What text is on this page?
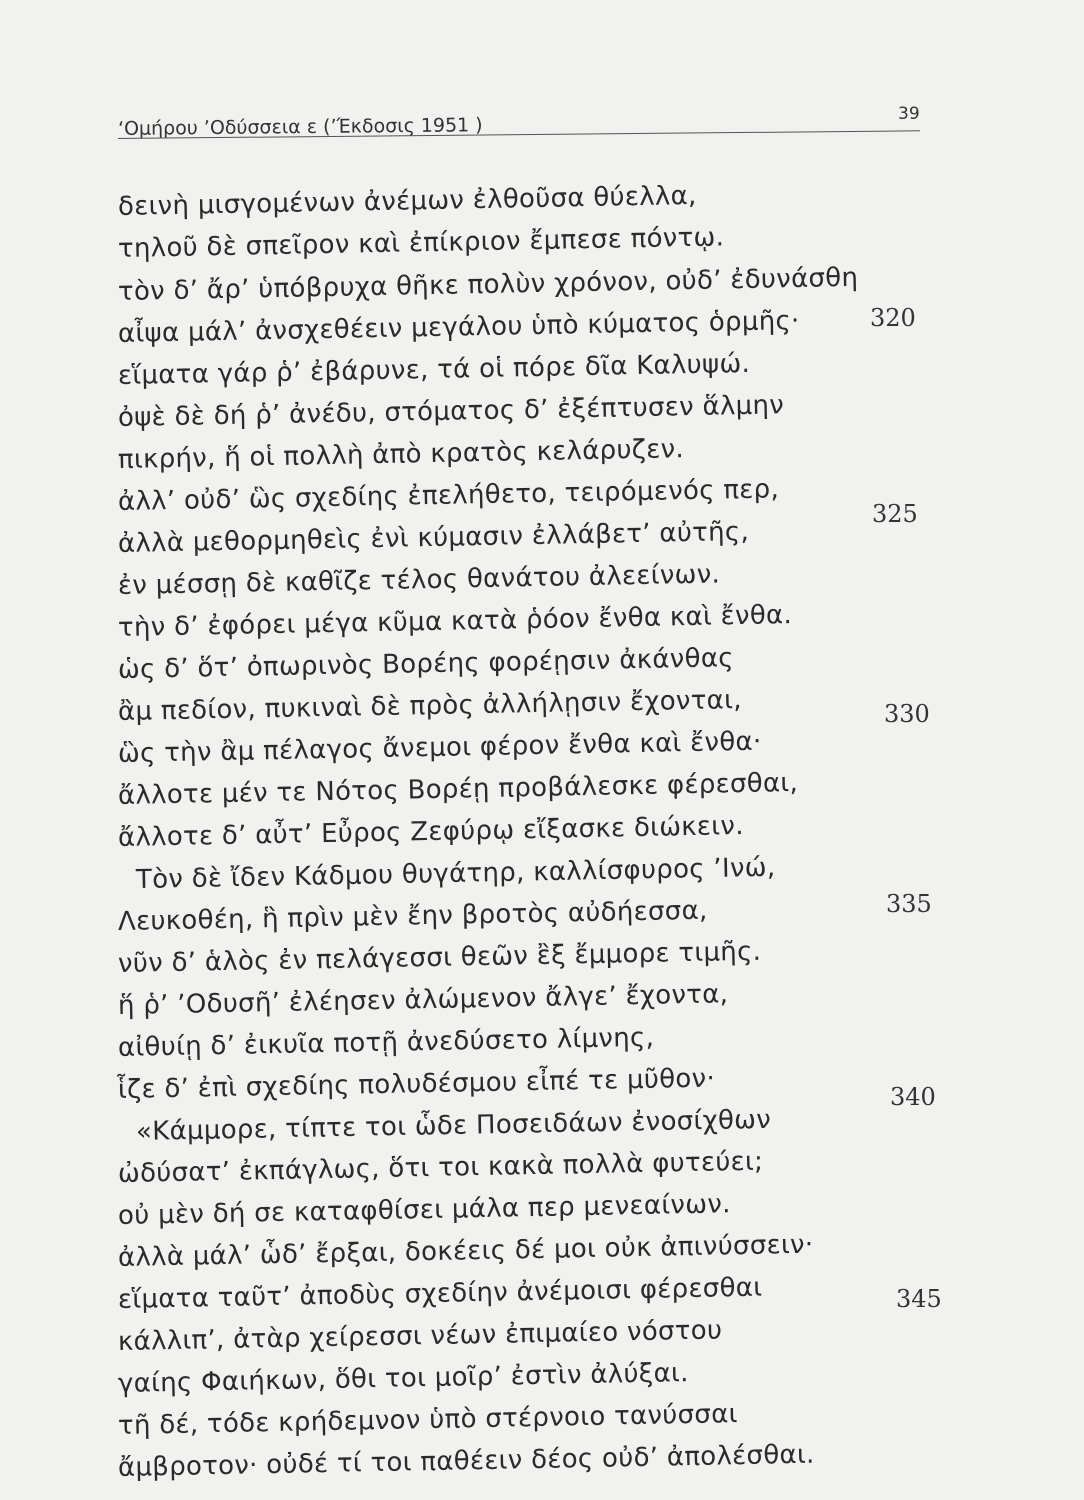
‘Ομήρου ’Οδύσσεια ε (’Έκδοσις 1951 )
39
δεινὴ μισγομένων ἀνέμων ἐλθοῦσα θύελλα,
τηλοῦ δὲ σπεῖρον καὶ ἐπίκριον ἔμπεσε πόντῳ.
τὸν δ’ ἄρ’ ὑπόβρυχα θῆκε πολὺν χρόνον, οὐδ’ ἐδυνάσθη
αἶψα μάλ’ ἀνσχεθέειν μεγάλου ὑπὸ κύματος ὁρμῆς·
εἵματα γάρ ῥ’ ἐβάρυνε, τά οἱ πόρε δῖα Καλυψώ.
ὀψὲ δὲ δή ῥ’ ἀνέδυ, στόματος δ’ ἐξέπτυσεν ἅλμην
πικρήν, ἥ οἱ πολλὴ ἀπὸ κρατὸς κελάρυζεν.
ἀλλ’ οὐδ’ ὣς σχεδίης ἐπελήθετο, τειρόμενός περ,
ἀλλὰ μεθορμηθεὶς ἐνὶ κύμασιν ἐλλάβετ’ αὐτῆς,
ἐν μέσσῃ δὲ καθῖζε τέλος θανάτου ἀλεείνων.
τὴν δ’ ἐφόρει μέγα κῦμα κατὰ ῥόον ἔνθα καὶ ἔνθα.
ὡς δ’ ὅτ’ ὀπωρινὸς Βορέης φορέῃσιν ἀκάνθας
ἂμ πεδίον, πυκιναὶ δὲ πρὸς ἀλλήλῃσιν ἔχονται,
ὣς τὴν ἂμ πέλαγος ἄνεμοι φέρον ἔνθα καὶ ἔνθα·
ἄλλοτε μέν τε Νότος Βορέῃ προβάλεσκε φέρεσθαι,
ἄλλοτε δ’ αὖτ’ Εὖρος Ζεφύρῳ εἴξασκε διώκειν.
Τὸν δὲ ἴδεν Κάδμου θυγάτηρ, καλλίσφυρος ’Ινώ,
Λευκοθέη, ἣ πρὶν μὲν ἔην βροτὸς αὐδήεσσα,
νῦν δ’ ἁλὸς ἐν πελάγεσσι θεῶν ἒξ ἔμμορε τιμῆς.
ἥ ῥ’ ’Οδυσῆ’ ἐλέησεν ἀλώμενον ἄλγε’ ἔχοντα,
αἰθυίῃ δ’ ἐικυῖα ποτῇ ἀνεδύσετο λίμνης,
ἷζε δ’ ἐπὶ σχεδίης πολυδέσμου εἶπέ τε μῦθον·
«Κάμμορε, τίπτε τοι ὧδε Ποσειδάων ἐνοσίχθων
ὠδύσατ’ ἐκπάγλως, ὅτι τοι κακὰ πολλὰ φυτεύει;
οὐ μὲν δή σε καταφθίσει μάλα περ μενεαίνων.
ἀλλὰ μάλ’ ὧδ’ ἔρξαι, δοκέεις δέ μοι οὐκ ἀπινύσσειν·
εἵματα ταῦτ’ ἀποδὺς σχεδίην ἀνέμοισι φέρεσθαι
κάλλιπ’, ἀτὰρ χείρεσσι νέων ἐπιμαίεο νόστου
γαίης Φαιήκων, ὅθι τοι μοῖρ’ ἐστὶν ἀλύξαι.
τῆ δέ, τόδε κρήδεμνον ὑπὸ στέρνοιο τανύσσαι
ἄμβροτον· οὐδέ τί τοι παθέειν δέος οὐδ’ ἀπολέσθαι.
320
325
330
335
340
345
